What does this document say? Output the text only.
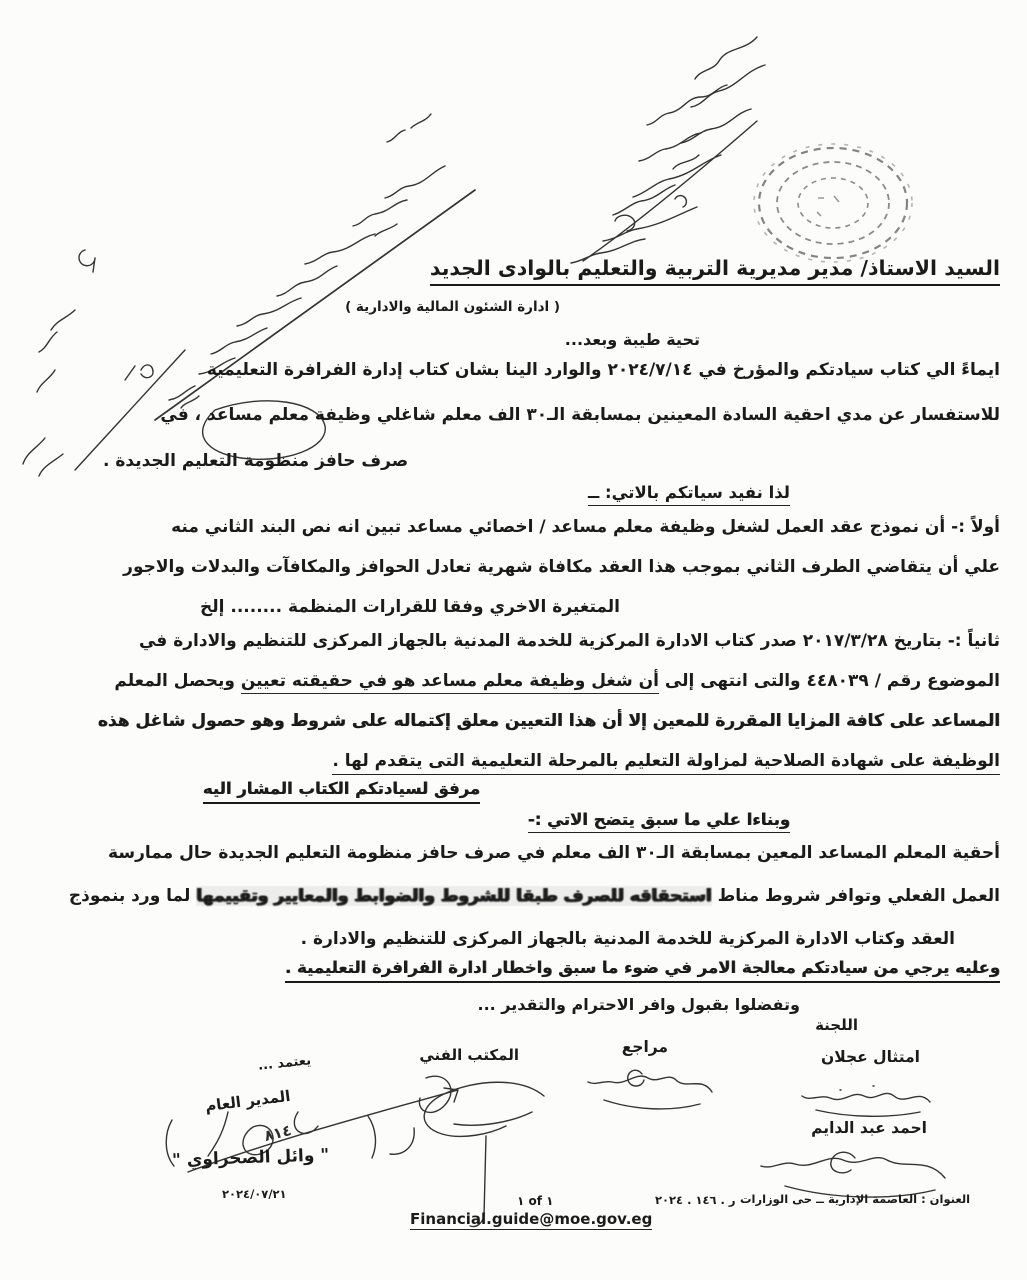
السيد الاستاذ/ مدير مديرية التربية والتعليم بالوادى الجديد
( ادارة الشئون المالية والادارية )
تحية طيبة وبعد...
ايماءً الي كتاب سيادتكم والمؤرخ في ٢٠٢٤/٧/١٤ والوارد الينا بشان كتاب إدارة الفرافرة التعليمية
للاستفسار عن مدي احقية السادة المعينين بمسابقة الـ٣٠ الف معلم شاغلي وظيفة معلم مساعد ، في
صرف حافز منظومة التعليم الجديدة .
لذا نفيد سياتكم بالاتي: ــ
أولاً :- أن نموذج عقد العمل لشغل وظيفة معلم مساعد / اخصائي مساعد تبين انه نص البند الثاني منه
علي أن يتقاضي الطرف الثاني بموجب هذا العقد مكافاة شهرية تعادل الحوافز والمكافآت والبدلات والاجور
المتغيرة الاخري وفقا للقرارات المنظمة ........ إلخ
ثانياً :- بتاريخ ٢٠١٧/٣/٢٨ صدر كتاب الادارة المركزية للخدمة المدنية بالجهاز المركزى للتنظيم والادارة في
الموضوع رقم / ٤٤٨٠٣٩ والتى انتهى إلى أن شغل وظيفة معلم مساعد هو في حقيقته تعيين ويحصل المعلم
المساعد على كافة المزايا المقررة للمعين إلا أن هذا التعيين معلق إكتماله على شروط وهو حصول شاغل هذه
الوظيفة على شهادة الصلاحية لمزاولة التعليم بالمرحلة التعليمية التى يتقدم لها .
مرفق لسيادتكم الكتاب المشار اليه
وبناءا علي ما سبق يتضح الاتي :-
أحقية المعلم المساعد المعين بمسابقة الـ٣٠ الف معلم في صرف حافز منظومة التعليم الجديدة حال ممارسة
العمل الفعلي وتوافر شروط مناط استحقاقه للصرف طبقا للشروط والضوابط والمعايير وتقييمها لما ورد بنموذج
العقد وكتاب الادارة المركزية للخدمة المدنية بالجهاز المركزى للتنظيم والادارة .
وعليه يرجي من سيادتكم معالجة الامر في ضوء ما سبق واخطار ادارة الفرافرة التعليمية .
وتفضلوا بقبول وافر الاحترام والتقدير ...
اللجنة
امتثال عجلان
احمد عبد الدايم
مراجع
المكتب الفني
يعتمد ...
المدير العام
٨١٤
" وائل الصحراوي "
٢٠٢٤/٠٧/٢١	١ of ١	ر . ١٤٦ . ٢٠٢٤ العنوان : العاصمة الإدارية ــ حى الوزارات
Financial.guide@moe.gov.eg
